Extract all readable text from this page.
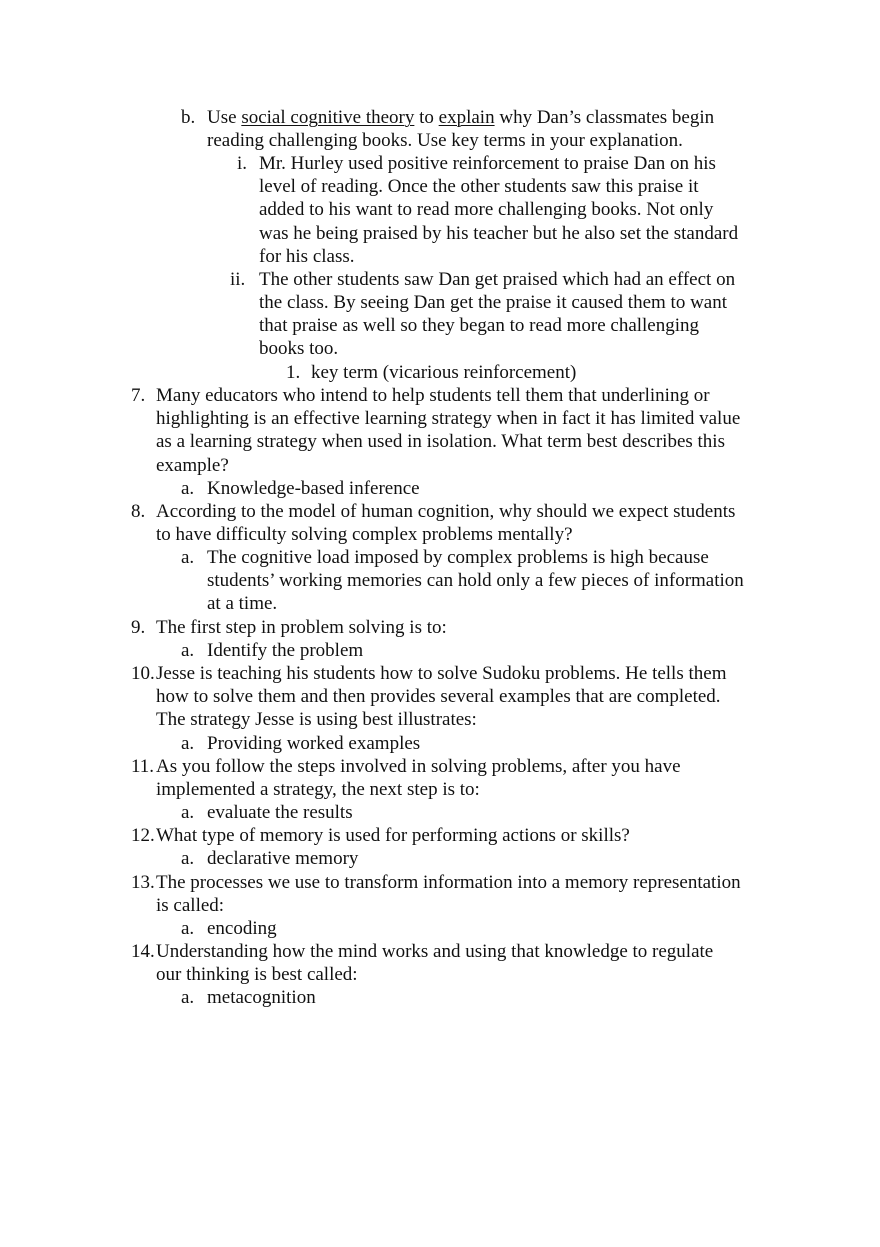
b. Use social cognitive theory to explain why Dan’s classmates begin
reading challenging books. Use key terms in your explanation.
i. Mr. Hurley used positive reinforcement to praise Dan on his
level of reading. Once the other students saw this praise it
added to his want to read more challenging books. Not only
was he being praised by his teacher but he also set the standard
for his class.
ii. The other students saw Dan get praised which had an effect on
the class. By seeing Dan get the praise it caused them to want
that praise as well so they began to read more challenging
books too.
1. key term (vicarious reinforcement)
7. Many educators who intend to help students tell them that underlining or
highlighting is an effective learning strategy when in fact it has limited value
as a learning strategy when used in isolation. What term best describes this
example?
a. Knowledge-based inference
8. According to the model of human cognition, why should we expect students
to have difficulty solving complex problems mentally?
a. The cognitive load imposed by complex problems is high because
students’ working memories can hold only a few pieces of information
at a time.
9. The first step in problem solving is to:
a. Identify the problem
10. Jesse is teaching his students how to solve Sudoku problems. He tells them
how to solve them and then provides several examples that are completed.
The strategy Jesse is using best illustrates:
a. Providing worked examples
11. As you follow the steps involved in solving problems, after you have
implemented a strategy, the next step is to:
a. evaluate the results
12. What type of memory is used for performing actions or skills?
a. declarative memory
13. The processes we use to transform information into a memory representation
is called:
a. encoding
14. Understanding how the mind works and using that knowledge to regulate
our thinking is best called:
a. metacognition
